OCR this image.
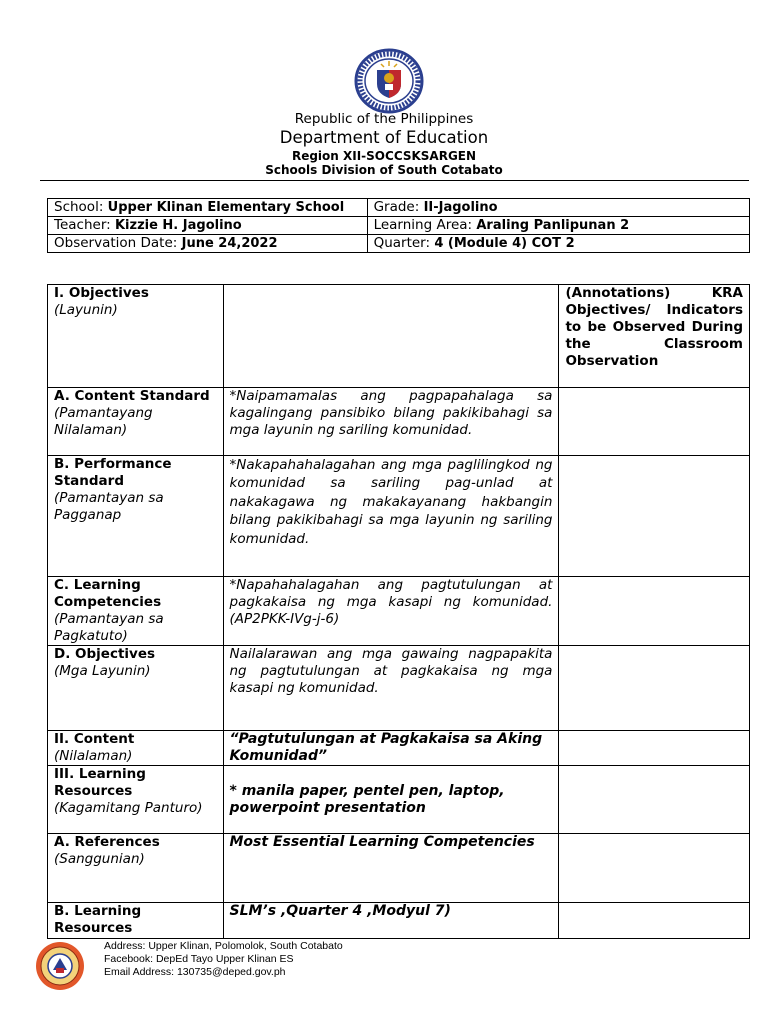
Republic of the Philippines
Department of Education
Region XII-SOCCSKSARGEN
Schools Division of South Cotabato
School: Upper Klinan Elementary School	Grade: II-Jagolino
Teacher: Kizzie H. Jagolino	Learning Area: Araling Panlipunan 2
Observation Date: June 24,2022	Quarter: 4 (Module 4) COT 2
I. Objectives
(Layunin)		(Annotations) KRA Objectives/ Indicators to be Observed During the Classroom Observation

A. Content Standard
(Pamantayang Nilalaman)	*Naipamamalas ang pagpapahalaga sa kagalingang pansibiko bilang pakikibahagi sa mga layunin ng sariling komunidad.	

B. Performance Standard
(Pamantayan sa Pagganap	*Nakapahahalagahan ang mga paglilingkod ng komunidad sa sariling pag-unlad at nakakagawa ng makakayanang hakbangin bilang pakikibahagi sa mga layunin ng sariling komunidad.	

C. Learning Competencies
(Pamantayan sa Pagkatuto)	*Napahahalagahan ang pagtutulungan at pagkakaisa ng mga kasapi ng komunidad. (AP2PKK-IVg-j-6)	

D. Objectives
(Mga Layunin)	Nailalarawan ang mga gawaing nagpapakita ng pagtutulungan at pagkakaisa ng mga kasapi ng komunidad.	

II. Content
(Nilalaman)	“Pagtutulungan at Pagkakaisa sa Aking Komunidad”	

III. Learning Resources
(Kagamitang Panturo)	* manila paper, pentel pen, laptop, powerpoint presentation	

A. References
(Sanggunian)	Most Essential Learning Competencies	

B. Learning Resources	SLM’s ,Quarter 4 ,Modyul 7)	

Address: Upper Klinan, Polomolok, South Cotabato
Facebook: DepEd Tayo Upper Klinan ES
Email Address: 130735@deped.gov.ph
